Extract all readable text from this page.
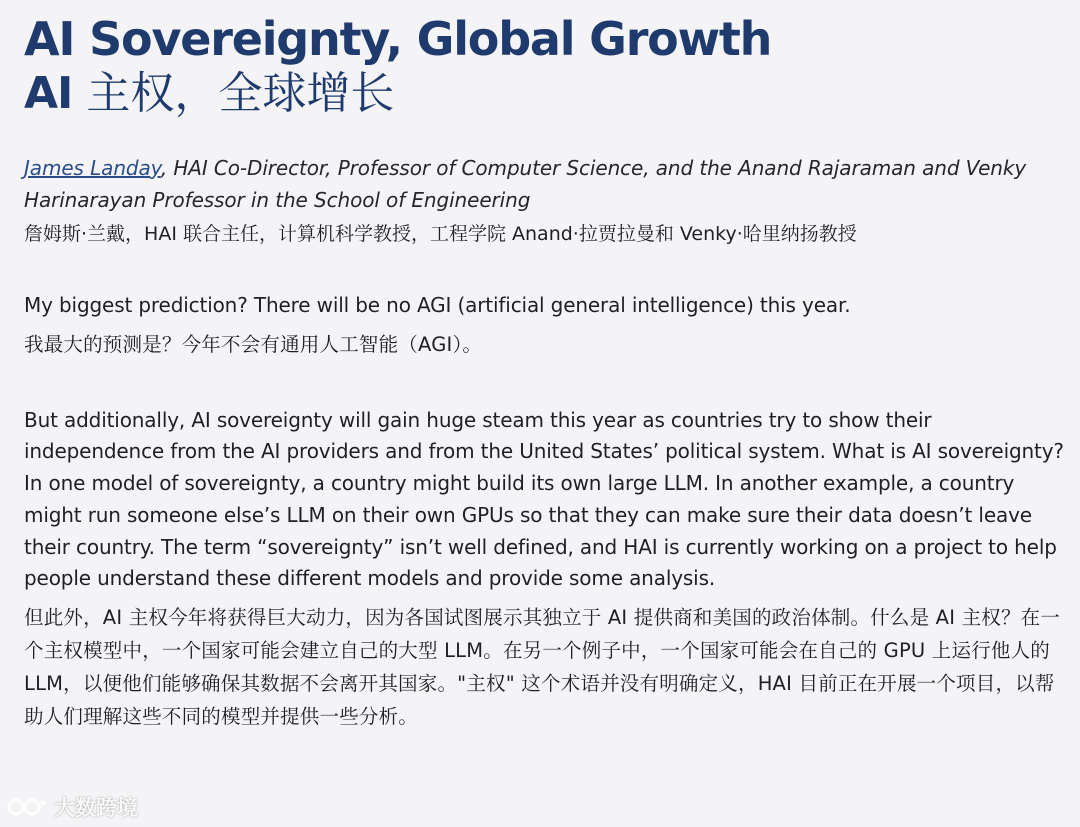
AI Sovereignty, Global Growth
AI 主权，全球增长
James Landay, HAI Co-Director, Professor of Computer Science, and the Anand Rajaraman and Venky Harinarayan Professor in the School of Engineering
詹姆斯·兰戴，HAI 联合主任，计算机科学教授，工程学院 Anand·拉贾拉曼和 Venky·哈里纳扬教授
My biggest prediction? There will be no AGI (artificial general intelligence) this year.
我最大的预测是？今年不会有通用人工智能（AGI）。
But additionally, AI sovereignty will gain huge steam this year as countries try to show their independence from the AI providers and from the United States’ political system. What is AI sovereignty? In one model of sovereignty, a country might build its own large LLM. In another example, a country might run someone else’s LLM on their own GPUs so that they can make sure their data doesn’t leave their country. The term “sovereignty” isn’t well defined, and HAI is currently working on a project to help people understand these different models and provide some analysis.
但此外，AI 主权今年将获得巨大动力，因为各国试图展示其独立于 AI 提供商和美国的政治体制。什么是 AI 主权？在一个主权模型中，一个国家可能会建立自己的大型 LLM。在另一个例子中，一个国家可能会在自己的 GPU 上运行他人的 LLM，以便他们能够确保其数据不会离开其国家。"主权" 这个术语并没有明确定义，HAI 目前正在开展一个项目，以帮助人们理解这些不同的模型并提供一些分析。
大数跨境
